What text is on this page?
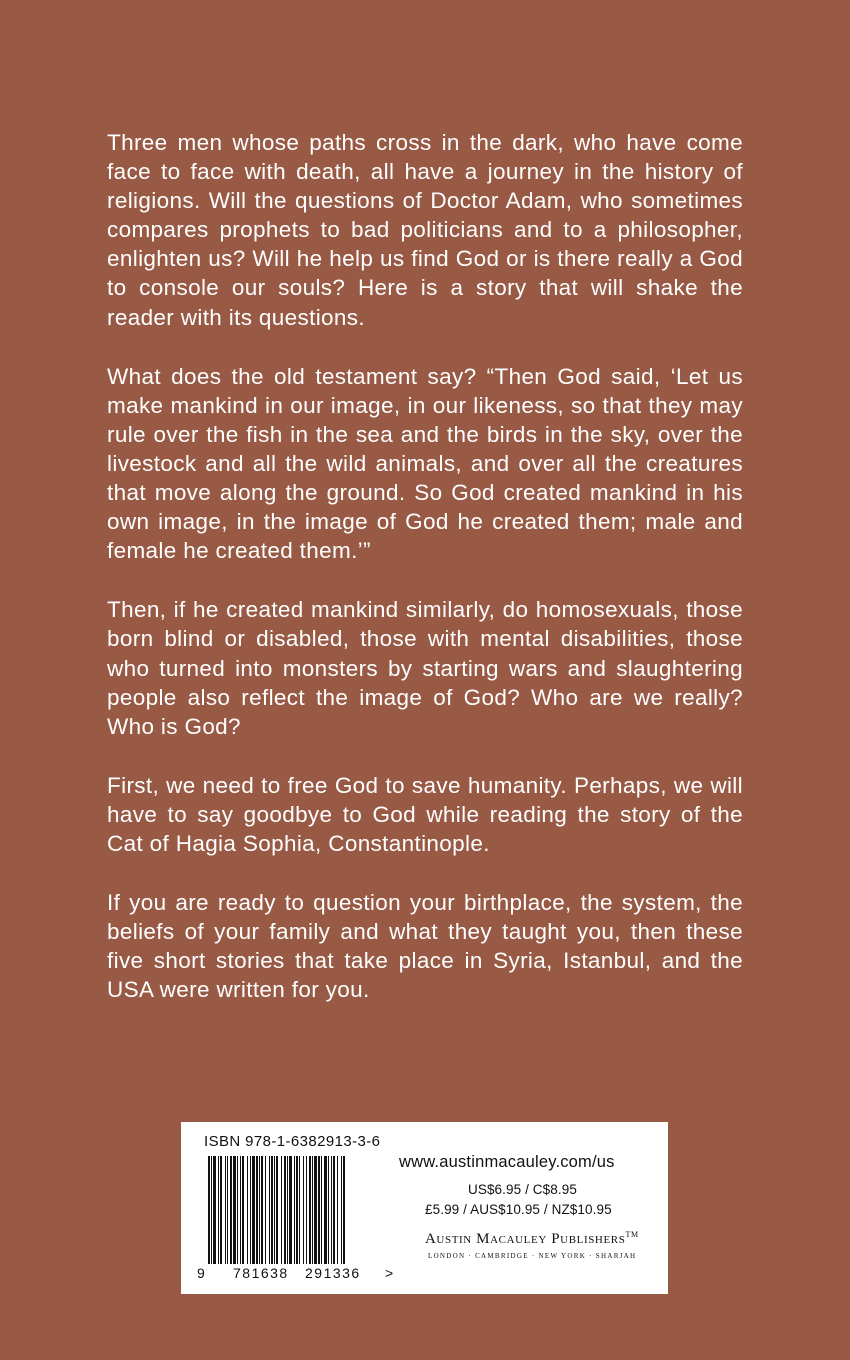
Three men whose paths cross in the dark, who have come face to face with death, all have a journey in the history of religions. Will the questions of Doctor Adam, who sometimes compares prophets to bad politicians and to a philosopher, enlighten us? Will he help us find God or is there really a God to console our souls? Here is a story that will shake the reader with its questions.

What does the old testament say? “Then God said, ‘Let us make mankind in our image, in our likeness, so that they may rule over the fish in the sea and the birds in the sky, over the livestock and all the wild animals, and over all the creatures that move along the ground. So God created mankind in his own image, in the image of God he created them; male and female he created them.’”

Then, if he created mankind similarly, do homosexuals, those born blind or disabled, those with mental disabilities, those who turned into monsters by starting wars and slaughtering people also reflect the image of God? Who are we really? Who is God?

First, we need to free God to save humanity. Perhaps, we will have to say goodbye to God while reading the story of the Cat of Hagia Sophia, Constantinople.

If you are ready to question your birthplace, the system, the beliefs of your family and what they taught you, then these five short stories that take place in Syria, Istanbul, and the USA were written for you.

ISBN 978-1-6382913-3-6
9 781638 291336 >
www.austinmacauley.com/us
US$6.95 / C$8.95
£5.99 / AUS$10.95 / NZ$10.95
Austin Macauley Publishers™
LONDON · CAMBRIDGE · NEW YORK · SHARJAH
